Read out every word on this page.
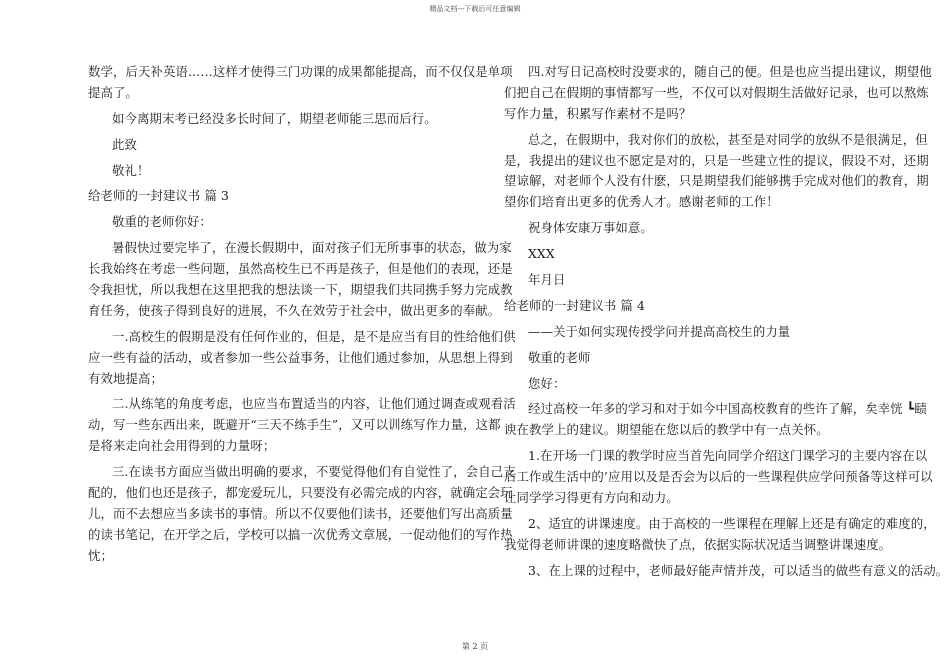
精品文档---下载后可任意编辑
数学，后天补英语……这样才使得三门功课的成果都能提高，而不仅仅是单项
提高了。
如今离期末考已经没多长时间了，期望老师能三思而后行。
此致
敬礼！
给老师的一封建议书 篇 3
敬重的老师你好：
暑假快过要完毕了，在漫长假期中，面对孩子们无所事事的状态，做为家
长我始终在考虑一些问题，虽然高校生已不再是孩子，但是他们的表现，还是
令我担忧，所以我想在这里把我的想法谈一下，期望我们共同携手努力完成教
育任务，使孩子得到良好的进展，不久在效劳于社会中，做出更多的奉献。
一.高校生的假期是没有任何作业的，但是，是不是应当有目的性给他们供
应一些有益的活动，或者参加一些公益事务，让他们通过参加，从思想上得到
有效地提高；
二.从练笔的角度考虑，也应当布置适当的内容，让他们通过调查或观看活
动，写一些东西出来，既避开“三天不练手生”，又可以训练写作力量，这都
是将来走向社会用得到的力量呀；
三.在读书方面应当做出明确的要求，不要觉得他们有自觉性了，会自己支
配的，他们也还是孩子，都宠爱玩儿，只要没有必需完成的内容，就确定会玩
儿，而不去想应当多读书的事情。所以不仅要他们读书，还要他们写出高质量
的读书笔记，在开学之后，学校可以搞一次优秀文章展，一促动他们的写作热
忱；
四.对写日记高校时没要求的，随自己的便。但是也应当提出建议，期望他
们把自己在假期的事情都写一些，不仅可以对假期生活做好记录，也可以熬炼
写作力量，积累写作素材不是吗？
总之，在假期中，我对你们的放松，甚至是对同学的放纵不是很满足，但
是，我提出的建议也不愿定是对的，只是一些建立性的提议，假设不对，还期
望谅解，对老师个人没有什麽，只是期望我们能够携手完成对他们的教育，期
望你们培育出更多的优秀人才。感谢老师的工作！
祝身体安康万事如意。
XXX
年月日
给老师的一封建议书 篇 4
——关于如何实现传授学问并提高高校生的力量
敬重的老师
您好：
经过高校一年多的学习和对于如今中国高校教育的些许了解，矣幸恍 ┗赜
谀在教学上的建议。期望能在您以后的教学中有一点关怀。
1.在开场一门课的教学时应当首先向同学介绍这门课学习的主要内容在以
后工作或生活中的’应用以及是否会为以后的一些课程供应学问预备等这样可以
让同学学习得更有方向和动力。
2、适宜的讲课速度。由于高校的一些课程在理解上还是有确定的难度的，
我觉得老师讲课的速度略微快了点，依据实际状况适当调整讲课速度。
3、在上课的过程中，老师最好能声情并茂，可以适当的做些有意义的活动。
第 2 页
